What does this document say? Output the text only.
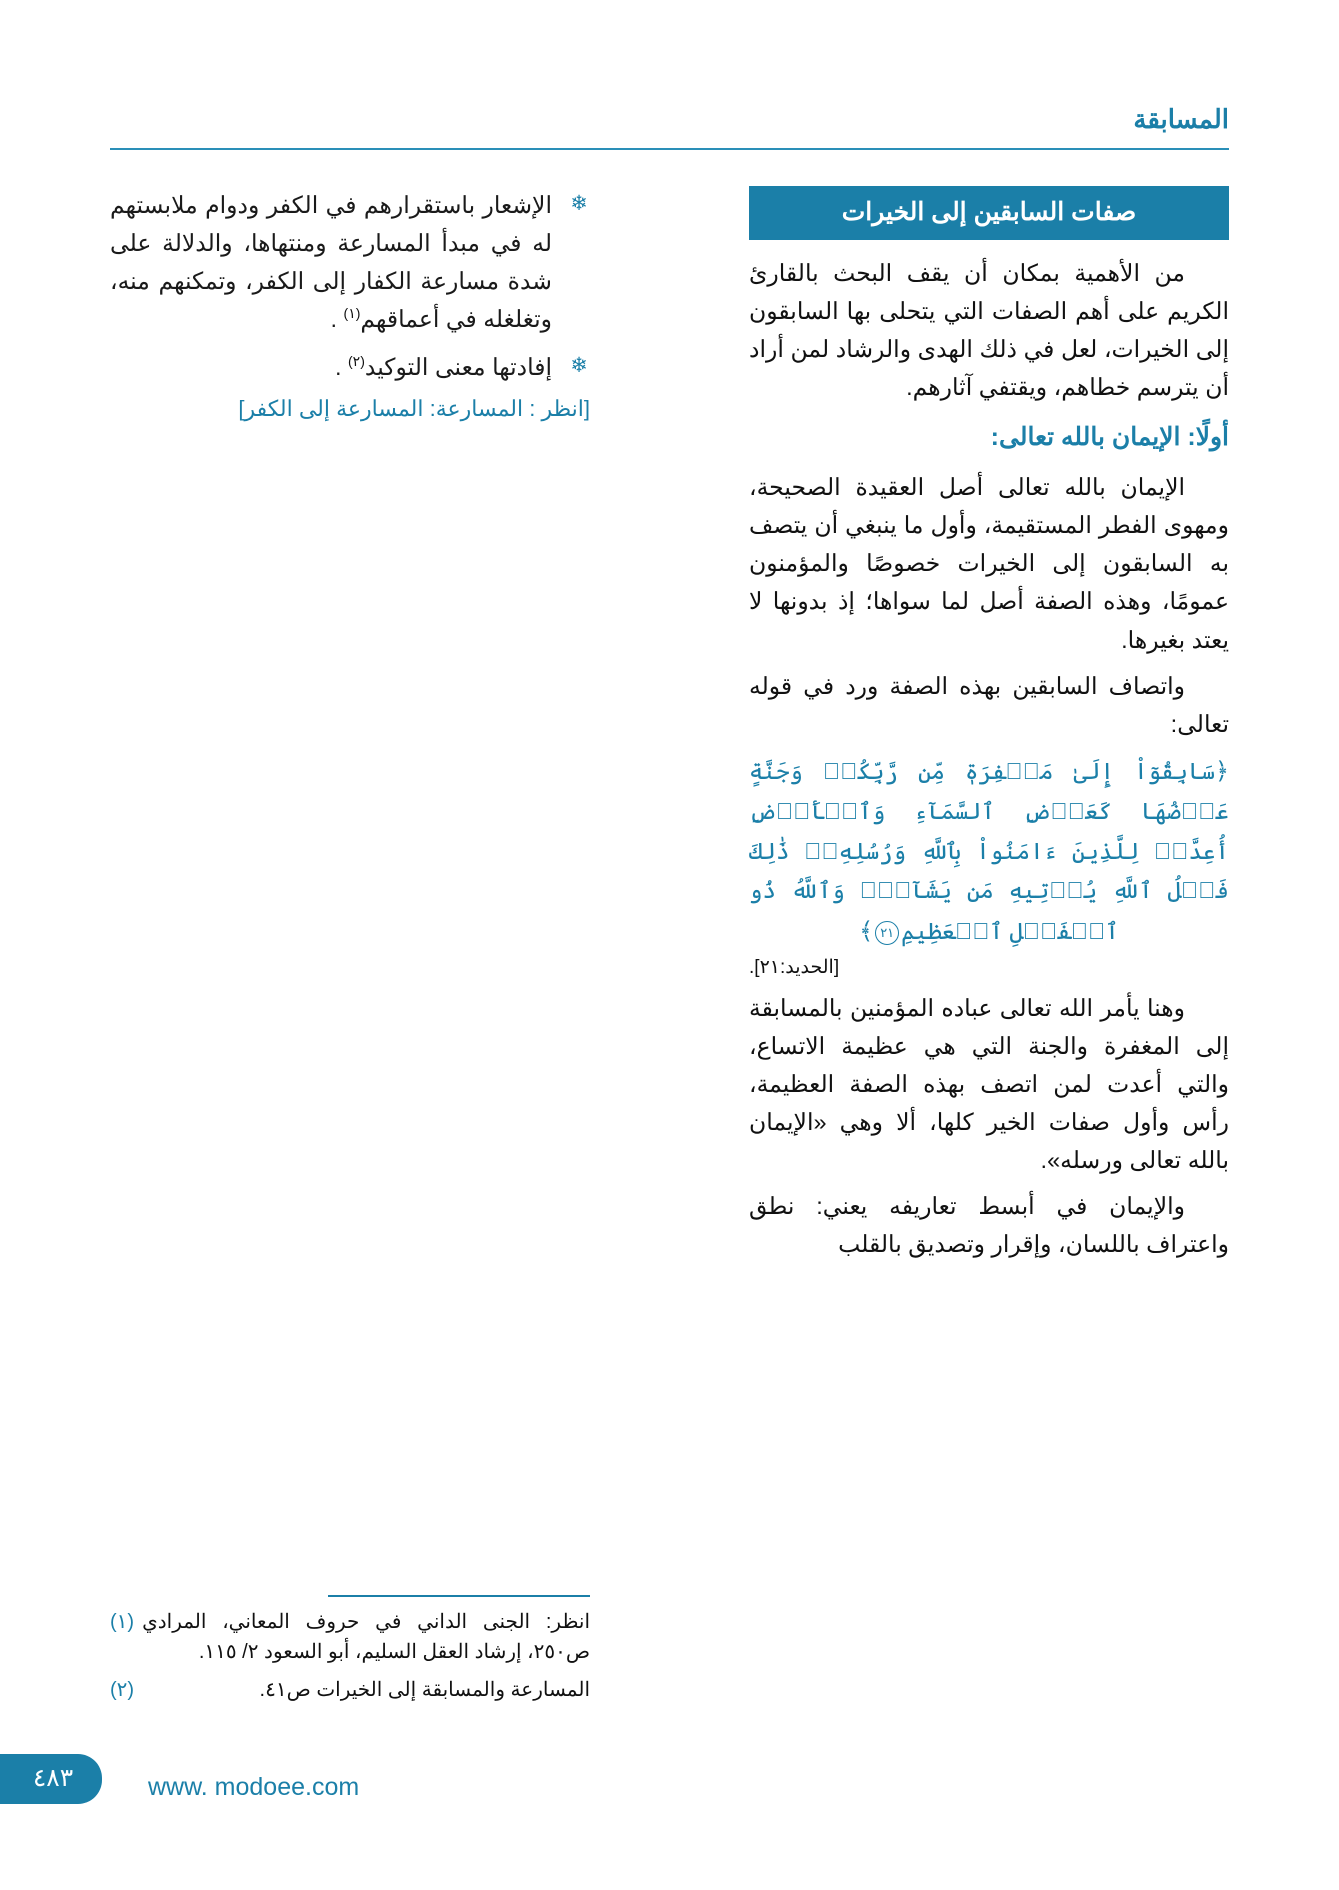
المسابقة
صفات السابقين إلى الخيرات

من الأهمية بمكان أن يقف البحث بالقارئ الكريم على أهم الصفات التي يتحلى بها السابقون إلى الخيرات، لعل في ذلك الهدى والرشاد لمن أراد أن يترسم خطاهم، ويقتفي آثارهم.

أولًا: الإيمان بالله تعالى:

الإيمان بالله تعالى أصل العقيدة الصحيحة، ومهوى الفطر المستقيمة، وأول ما ينبغي أن يتصف به السابقون إلى الخيرات خصوصًا والمؤمنون عمومًا، وهذه الصفة أصل لما سواها؛ إذ بدونها لا يعتد بغيرها.

واتصاف السابقين بهذه الصفة ورد في قوله تعالى:

﴿سَابِقُوٓاْ إِلَىٰ مَغۡفِرَةٖ مِّن رَّبِّكُمۡ وَجَنَّةٍ عَرۡضُهَا كَعَرۡضِ ٱلسَّمَآءِ وَٱلۡأَرۡضِ أُعِدَّتۡ لِلَّذِينَ ءَامَنُواْ بِٱللَّهِ وَرُسُلِهِۦۚ ذَٰلِكَ فَضۡلُ ٱللَّهِ يُؤۡتِيهِ مَن يَشَآءُۚ وَٱللَّهُ ذُو ٱلۡفَضۡلِ ٱلۡعَظِيمِ٢١﴾
[الحديد:٢١].

وهنا يأمر الله تعالى عباده المؤمنين بالمسابقة إلى المغفرة والجنة التي هي عظيمة الاتساع، والتي أعدت لمن اتصف بهذه الصفة العظيمة، رأس وأول صفات الخير كلها، ألا وهي «الإيمان بالله تعالى ورسله».

والإيمان في أبسط تعاريفه يعني: نطق واعتراف باللسان، وإقرار وتصديق بالقلب

❄
الإشعار باستقرارهم في الكفر ودوام ملابستهم له في مبدأ المسارعة ومنتهاها، والدلالة على شدة مسارعة الكفار إلى الكفر، وتمكنهم منه، وتغلغله في أعماقهم$^{(١)}$ .
❄
إفادتها معنى التوكيد$^{(٢)}$ .
[انظر : المسارعة: المسارعة إلى الكفر]
(١) انظر: الجنى الداني في حروف المعاني، المرادي ص٢٥٠، إرشاد العقل السليم، أبو السعود ٢/ ١١٥.
(٢)	المسارعة والمسابقة إلى الخيرات ص٤١.
٤٨٣	www. modoee.com
